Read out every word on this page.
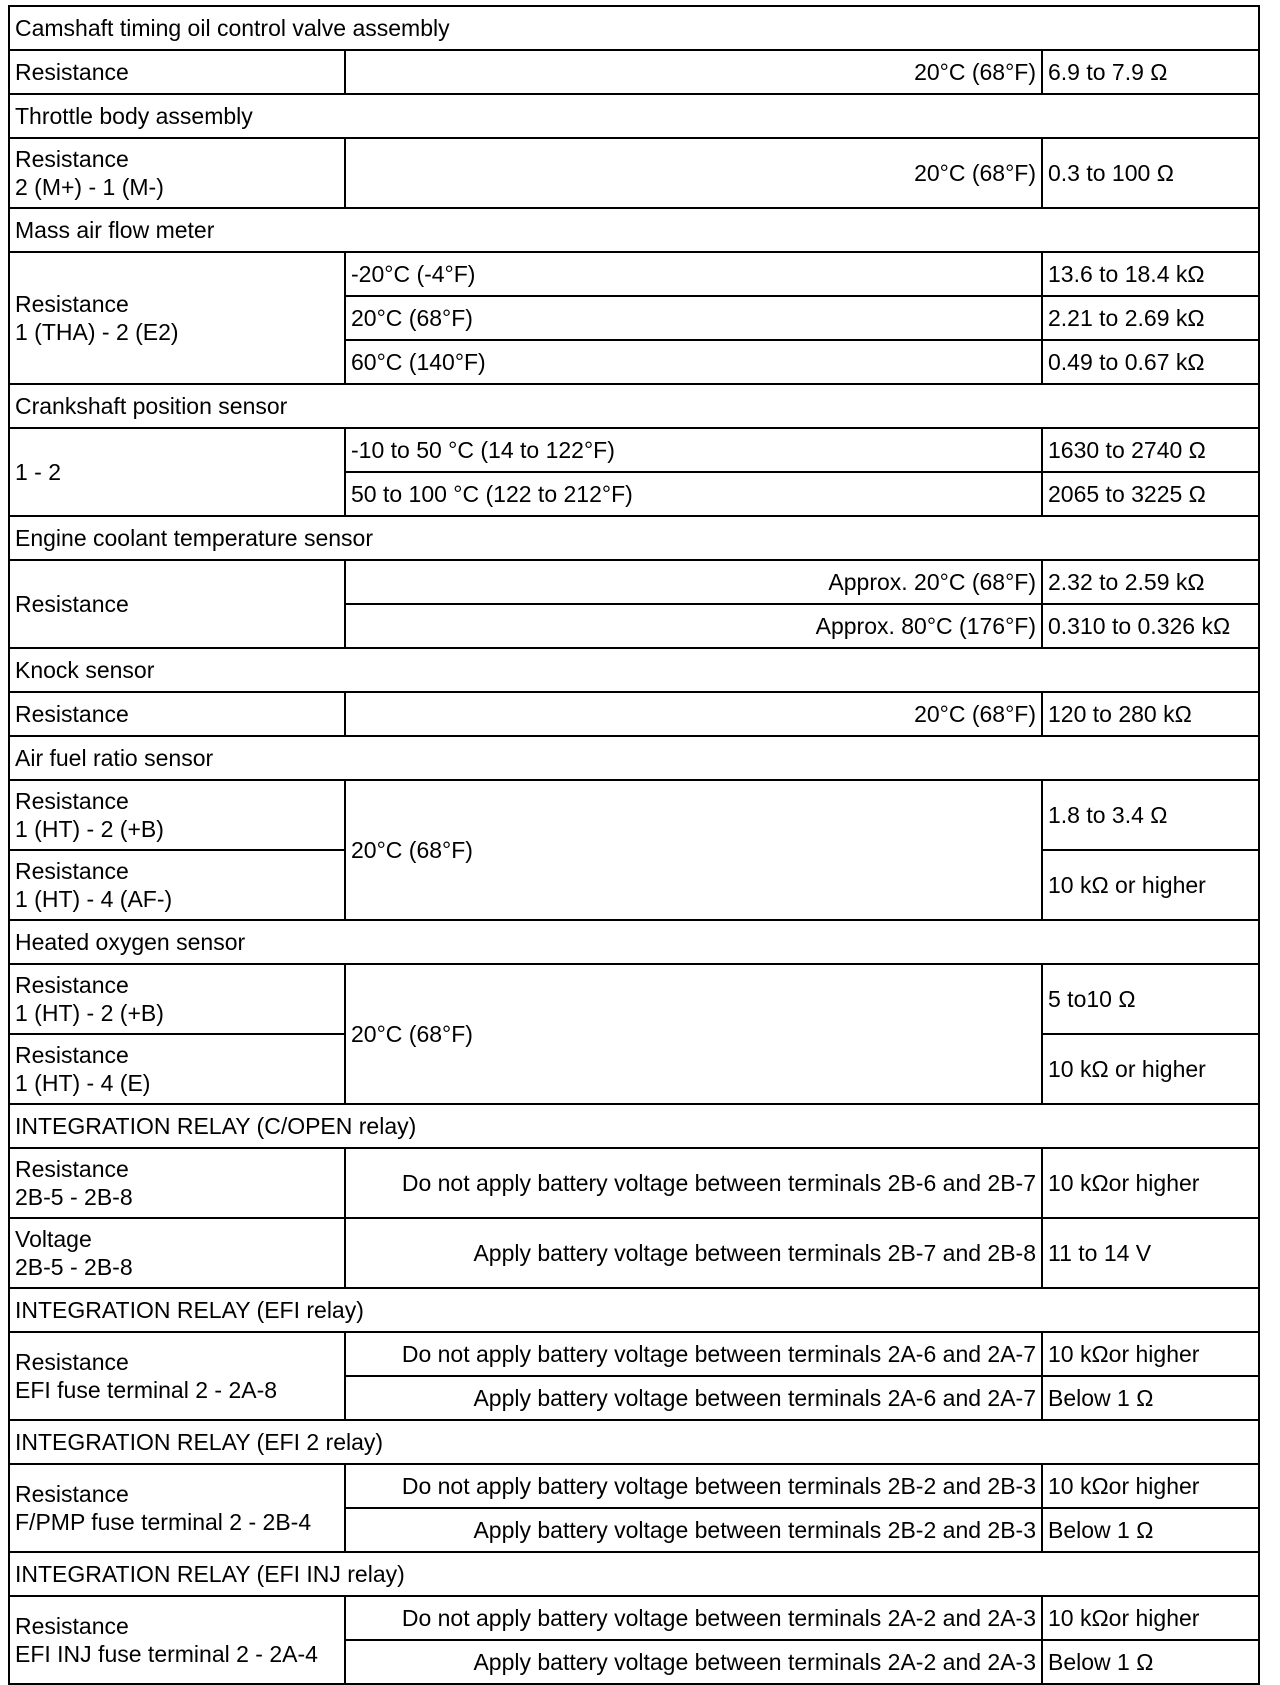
Camshaft timing oil control valve assembly		
Resistance	20°C (68°F)	6.9 to 7.9 Ω
Throttle body assembly		
Resistance
2 (M+) - 1 (M-)	20°C (68°F)	0.3 to 100 Ω
Mass air flow meter		
Resistance
1 (THA) - 2 (E2)	-20°C (-4°F)	13.6 to 18.4 kΩ
	20°C (68°F)	2.21 to 2.69 kΩ
	60°C (140°F)	0.49 to 0.67 kΩ
Crankshaft position sensor		
1 - 2	-10 to 50 °C (14 to 122°F)	1630 to 2740 Ω
	50 to 100 °C (122 to 212°F)	2065 to 3225 Ω
Engine coolant temperature sensor		
Resistance	Approx. 20°C (68°F)	2.32 to 2.59 kΩ
	Approx. 80°C (176°F)	0.310 to 0.326 kΩ
Knock sensor		
Resistance	20°C (68°F)	120 to 280 kΩ
Air fuel ratio sensor		
Resistance
1 (HT) - 2 (+B)	20°C (68°F)	1.8 to 3.4 Ω
Resistance
1 (HT) - 4 (AF-)		10 kΩ or higher
Heated oxygen sensor		
Resistance
1 (HT) - 2 (+B)	20°C (68°F)	5 to10 Ω
Resistance
1 (HT) - 4 (E)		10 kΩ or higher
INTEGRATION RELAY (C/OPEN relay)		
Resistance
2B-5 - 2B-8	Do not apply battery voltage between terminals 2B-6 and 2B-7	10 kΩor higher
Voltage
2B-5 - 2B-8	Apply battery voltage between terminals 2B-7 and 2B-8	11 to 14 V
INTEGRATION RELAY (EFI relay)		
Resistance
EFI fuse terminal 2 - 2A-8	Do not apply battery voltage between terminals 2A-6 and 2A-7	10 kΩor higher
	Apply battery voltage between terminals 2A-6 and 2A-7	Below 1 Ω
INTEGRATION RELAY (EFI 2 relay)		
Resistance
F/PMP fuse terminal 2 - 2B-4	Do not apply battery voltage between terminals 2B-2 and 2B-3	10 kΩor higher
	Apply battery voltage between terminals 2B-2 and 2B-3	Below 1 Ω
INTEGRATION RELAY (EFI INJ relay)		
Resistance
EFI INJ fuse terminal 2 - 2A-4	Do not apply battery voltage between terminals 2A-2 and 2A-3	10 kΩor higher
	Apply battery voltage between terminals 2A-2 and 2A-3	Below 1 Ω
